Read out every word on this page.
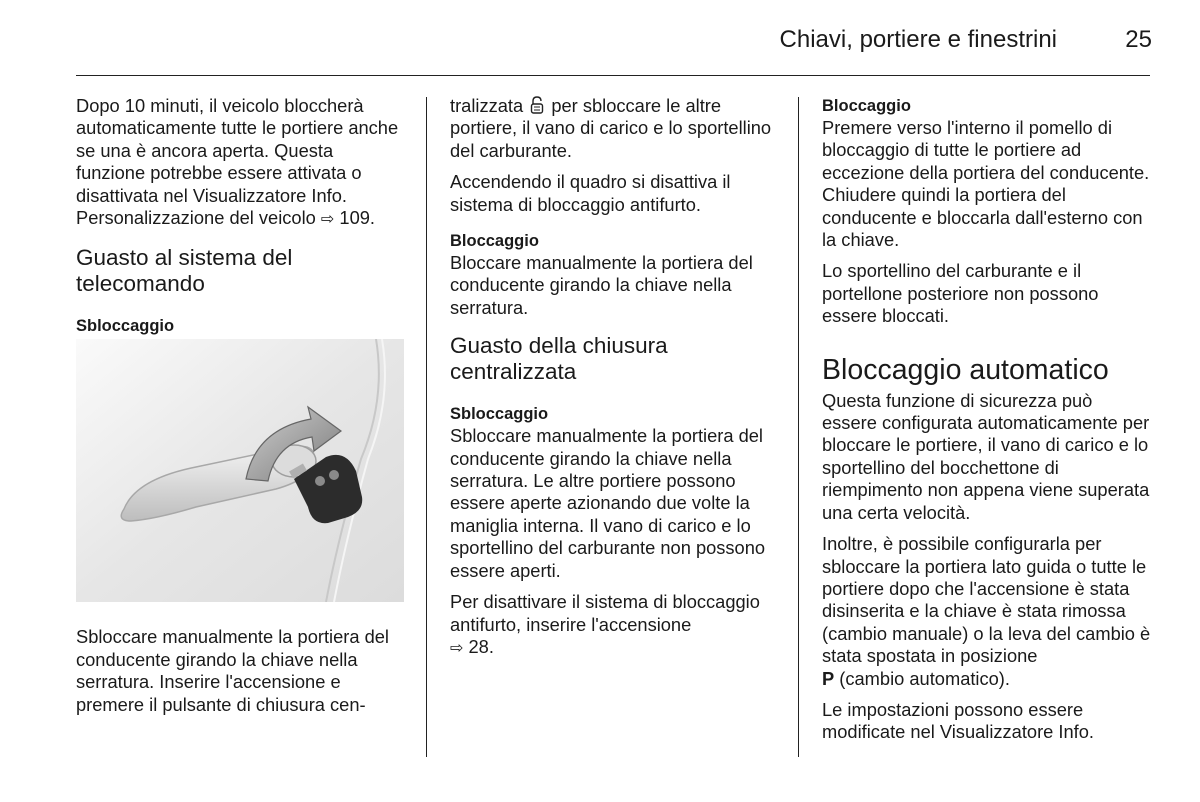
Chiavi, portiere e finestrini	25

Dopo 10 minuti, il veicolo bloccherà automaticamente tutte le portiere anche se una è ancora aperta. Questa funzione potrebbe essere attivata o disattivata nel Visualizzatore Info. Personalizzazione del veicolo ⇨ 109.

Guasto al sistema del telecomando
Sbloccaggio

Sbloccare manualmente la portiera del conducente girando la chiave nella serratura. Inserire l'accensione e premere il pulsante di chiusura cen-

tralizzata per sbloccare le altre portiere, il vano di carico e lo sportellino del carburante.

Accendendo il quadro si disattiva il sistema di bloccaggio antifurto.

Bloccaggio

Bloccare manualmente la portiera del conducente girando la chiave nella serratura.

Guasto della chiusura centralizzata
Sbloccaggio

Sbloccare manualmente la portiera del conducente girando la chiave nella serratura. Le altre portiere possono essere aperte azionando due volte la maniglia interna. Il vano di carico e lo sportellino del carburante non possono essere aperti.

Per disattivare il sistema di bloccaggio antifurto, inserire l'accensione
⇨ 28.

Bloccaggio

Premere verso l'interno il pomello di bloccaggio di tutte le portiere ad eccezione della portiera del conducente. Chiudere quindi la portiera del conducente e bloccarla dall'esterno con la chiave.

Lo sportellino del carburante e il portellone posteriore non possono essere bloccati.

Bloccaggio automatico

Questa funzione di sicurezza può essere configurata automaticamente per bloccare le portiere, il vano di carico e lo sportellino del bocchettone di riempimento non appena viene superata una certa velocità.

Inoltre, è possibile configurarla per sbloccare la portiera lato guida o tutte le portiere dopo che l'accensione è stata disinserita e la chiave è stata rimossa (cambio manuale) o la leva del cambio è stata spostata in posizione
P (cambio automatico).

Le impostazioni possono essere modificate nel Visualizzatore Info.
